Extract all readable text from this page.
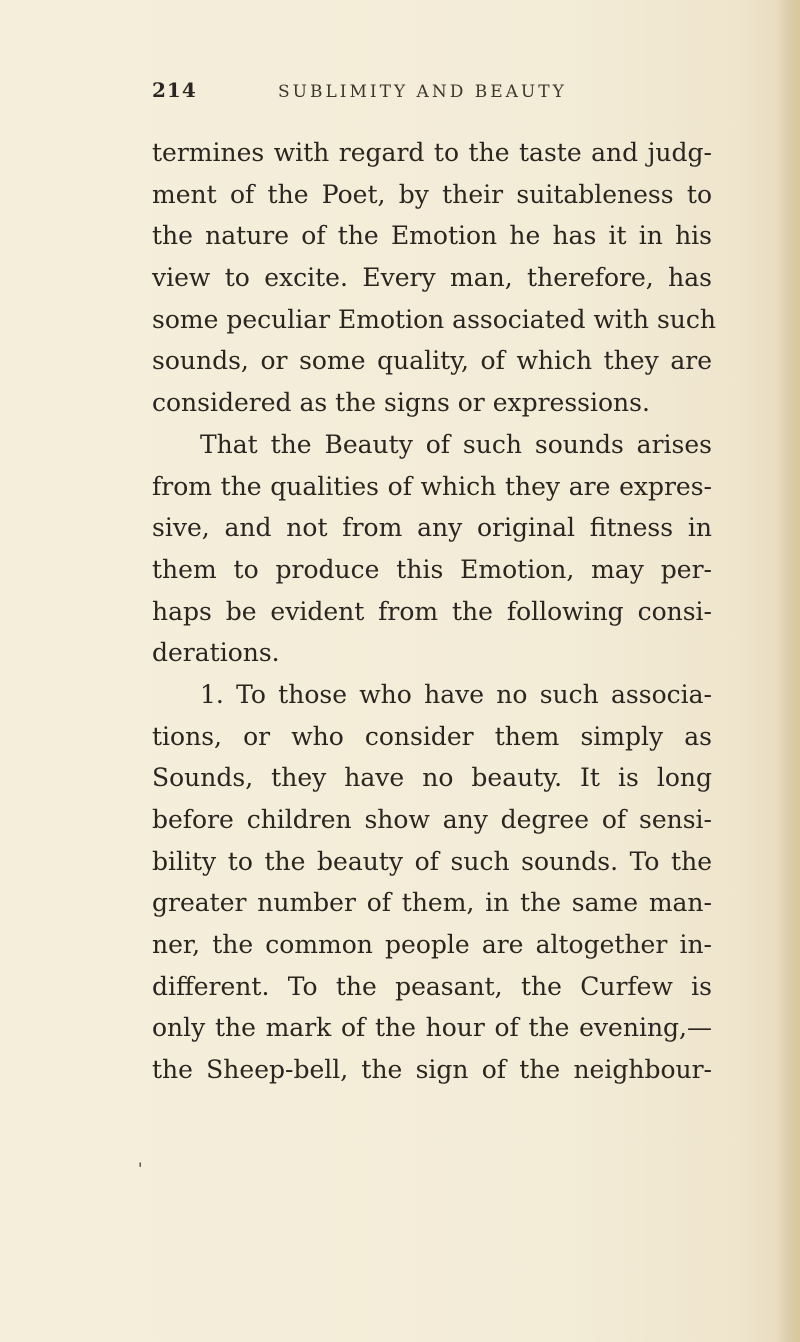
214	SUBLIMITY AND BEAUTY
termines with regard to the taste and judg-
ment of the Poet, by their suitableness to
the nature of the Emotion he has it in his
view to excite. Every man, therefore, has
some peculiar Emotion associated with such
sounds, or some quality, of which they are
considered as the signs or expressions.
That the Beauty of such sounds arises
from the qualities of which they are expres-
sive, and not from any original fitness in
them to produce this Emotion, may per-
haps be evident from the following consi-
derations.
1. To those who have no such associa-
tions, or who consider them simply as
Sounds, they have no beauty. It is long
before children show any degree of sensi-
bility to the beauty of such sounds. To the
greater number of them, in the same man-
ner, the common people are altogether in-
different. To the peasant, the Curfew is
only the mark of the hour of the evening,—
the Sheep-bell, the sign of the neighbour-
'
